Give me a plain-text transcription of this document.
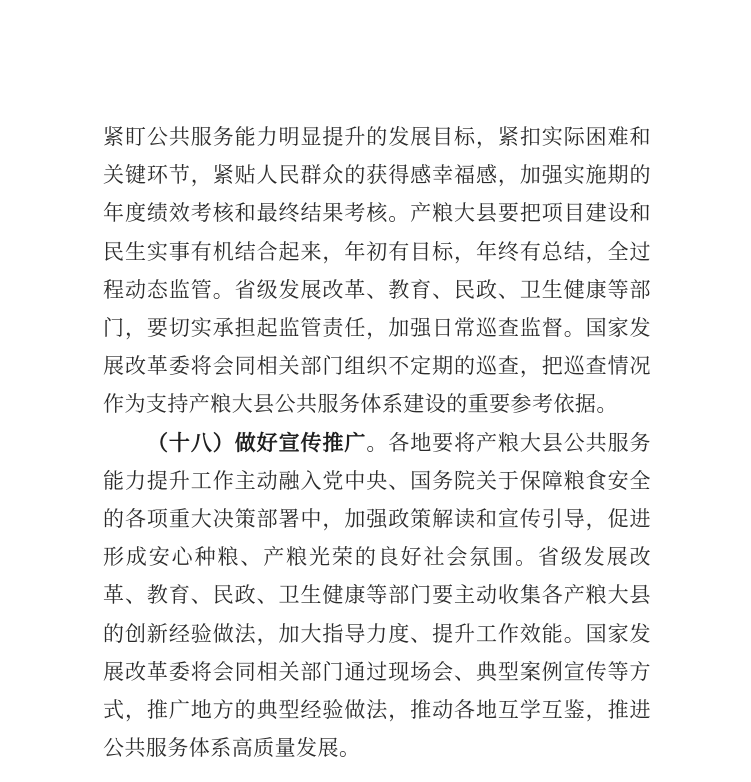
紧盯公共服务能力明显提升的发展目标，紧扣实际困难和关键环节，紧贴人民群众的获得感幸福感，加强实施期的年度绩效考核和最终结果考核。产粮大县要把项目建设和民生实事有机结合起来，年初有目标，年终有总结，全过程动态监管。省级发展改革、教育、民政、卫生健康等部门，要切实承担起监管责任，加强日常巡查监督。国家发展改革委将会同相关部门组织不定期的巡查，把巡查情况作为支持产粮大县公共服务体系建设的重要参考依据。

（十八）做好宣传推广。各地要将产粮大县公共服务能力提升工作主动融入党中央、国务院关于保障粮食安全的各项重大决策部署中，加强政策解读和宣传引导，促进形成安心种粮、产粮光荣的良好社会氛围。省级发展改革、教育、民政、卫生健康等部门要主动收集各产粮大县的创新经验做法，加大指导力度、提升工作效能。国家发展改革委将会同相关部门通过现场会、典型案例宣传等方式，推广地方的典型经验做法，推动各地互学互鉴，推进公共服务体系高质量发展。
